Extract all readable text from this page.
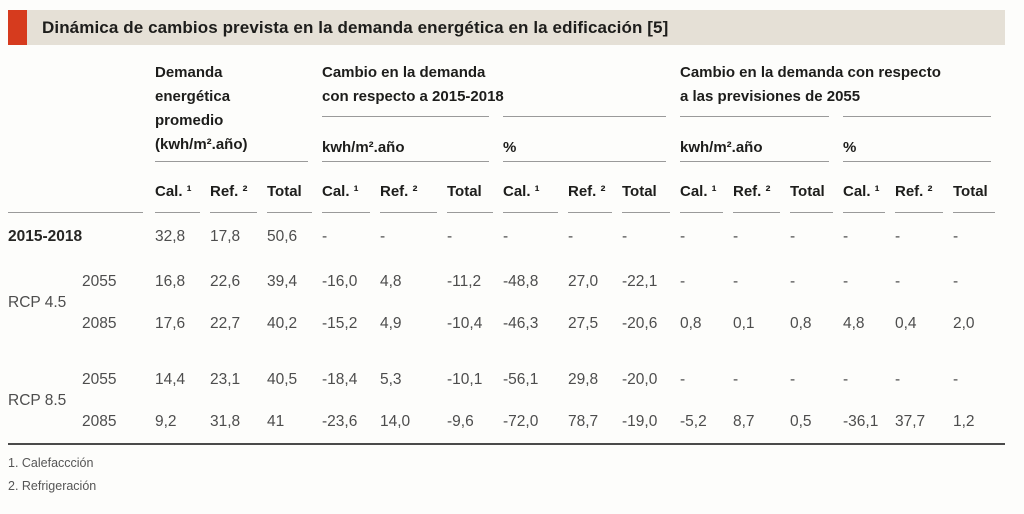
Dinámica de cambios prevista en la demanda energética en la edificación [5]
Demanda
energética
promedio
(kwh/m².año)
Cambio en la demanda
con respecto a 2015-2018
Cambio en la demanda con respecto
a las previsiones de 2055
kwh/m².año	%	kwh/m².año	%
Cal. ¹ Ref. ² Total Cal. ¹ Ref. ² Total Cal. ¹ Ref. ² Total Cal. ¹ Ref. ² Total Cal. ¹ Ref. ² Total
2015-2018	32,8	17,8	50,6	-	-	-	-	-	-	-	-	-	-	-	-
RCP 4.5
2055	16,8	22,6	39,4	-16,0	4,8	-11,2	-48,8	27,0	-22,1	-	-	-	-	-	-
2085	17,6	22,7	40,2	-15,2	4,9	-10,4	-46,3	27,5	-20,6	0,8	0,1	0,8	4,8	0,4	2,0
RCP 8.5
2055	14,4	23,1	40,5	-18,4	5,3	-10,1	-56,1	29,8	-20,0	-	-	-	-	-	-
2085	9,2	31,8	41	-23,6	14,0	-9,6	-72,0	78,7	-19,0	-5,2	8,7	0,5	-36,1	37,7	1,2
1. Calefaccción
2. Refrigeración
